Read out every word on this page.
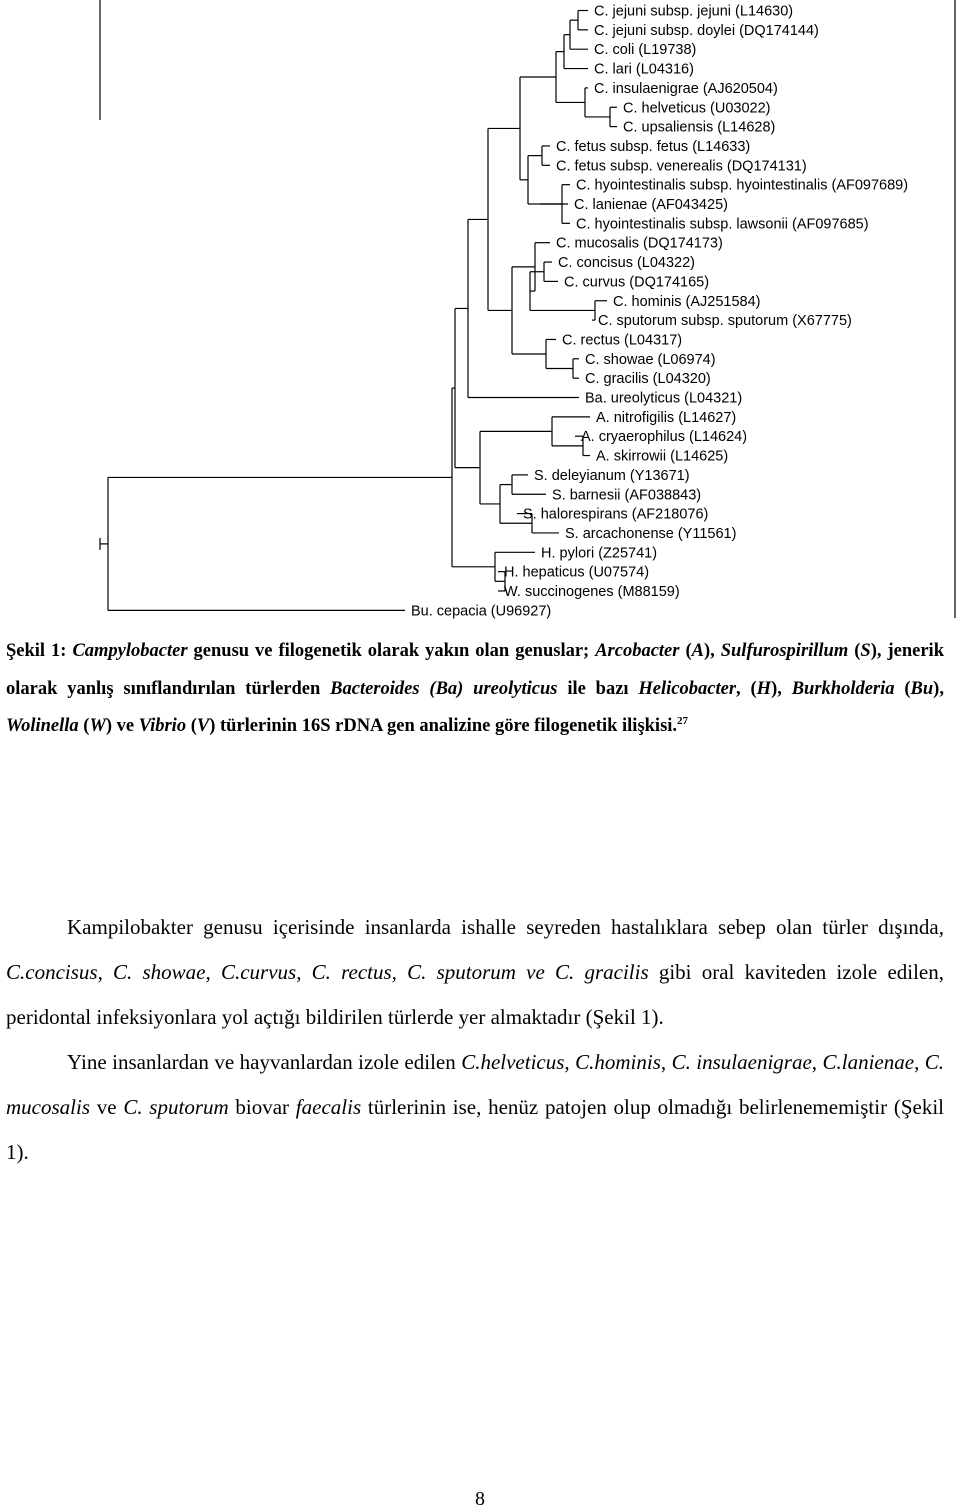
C. jejuni subsp. jejuni (L14630)
C. jejuni subsp. doylei (DQ174144)
C. coli (L19738)
C. lari (L04316)
C. insulaenigrae (AJ620504)
C. helveticus (U03022)
C. upsaliensis (L14628)
C. fetus subsp. fetus (L14633)
C. fetus subsp. venerealis (DQ174131)
C. hyointestinalis subsp. hyointestinalis (AF097689)
C. lanienae (AF043425)
C. hyointestinalis subsp. lawsonii (AF097685)
C. mucosalis (DQ174173)
C. concisus (L04322)
C. curvus (DQ174165)
C. hominis (AJ251584)
C. sputorum subsp. sputorum (X67775)
C. rectus (L04317)
C. showae (L06974)
C. gracilis (L04320)
Ba. ureolyticus (L04321)
A. nitrofigilis (L14627)
A. cryaerophilus (L14624)
A. skirrowii (L14625)
S. deleyianum (Y13671)
S. barnesii (AF038843)
S. halorespirans (AF218076)
S. arcachonense (Y11561)
H. pylori (Z25741)
H. hepaticus (U07574)
W. succinogenes (M88159)
Bu. cepacia (U96927)
Şekil 1: Campylobacter genusu ve filogenetik olarak yakın olan genuslar; Arcobacter (A), Sulfurospirillum (S), jenerik olarak yanlış sınıflandırılan türlerden Bacteroides (Ba) ureolyticus ile bazı Helicobacter, (H), Burkholderia (Bu), Wolinella (W) ve Vibrio (V) türlerinin 16S rDNA gen analizine göre filogenetik ilişkisi.$^{27}$

Kampilobakter genusu içerisinde insanlarda ishalle seyreden hastalıklara sebep olan türler dışında, C.concisus, C. showae, C.curvus, C. rectus, C. sputorum ve C. gracilis gibi oral kaviteden izole edilen, peridontal infeksiyonlara yol açtığı bildirilen türlerde yer almaktadır (Şekil 1).

Yine insanlardan ve hayvanlardan izole edilen C.helveticus, C.hominis, C. insulaenigrae, C.lanienae, C. mucosalis ve C. sputorum biovar faecalis türlerinin ise, henüz patojen olup olmadığı belirlenememiştir (Şekil 1).

8
